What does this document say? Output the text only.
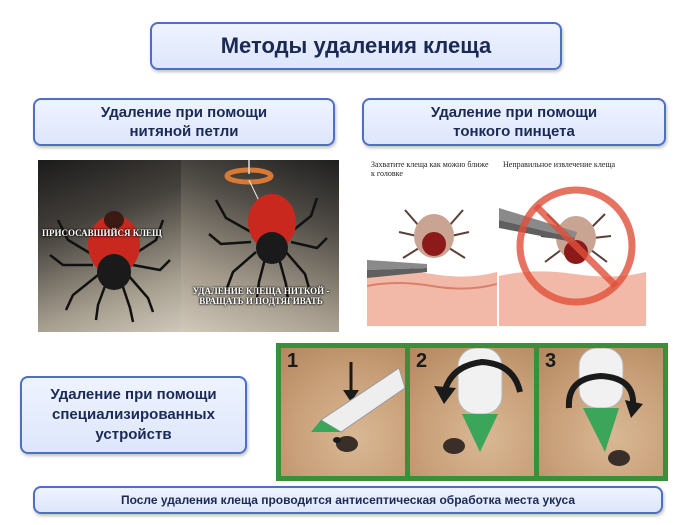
Методы удаления клеща
Удаление при помощи
нитяной петли
Удаление при помощи
тонкого пинцета
Удаление при помощи
специализированных
устройств
ПРИСОСАВШИЙСЯ КЛЕЩ
УДАЛЕНИЕ КЛЕЩА НИТКОЙ -
ВРАЩАТЬ И ПОДТЯГИВАТЬ
Захватите клеща как можно ближе
к головке
Неправильное извлечение клеща
1	2	3
После удаления клеща проводится антисептическая обработка места укуса
